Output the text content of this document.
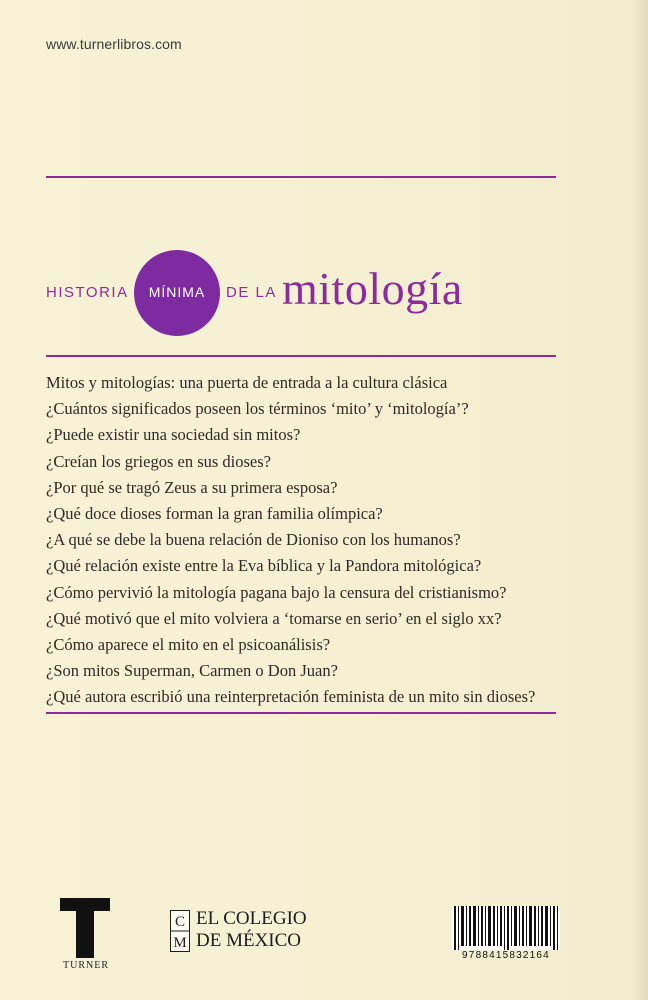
www.turnerlibros.com
HISTORIA	MÍNIMA	DE LA mitología
Mitos y mitologías: una puerta de entrada a la cultura clásica
¿Cuántos significados poseen los términos ‘mito’ y ‘mitología’?
¿Puede existir una sociedad sin mitos?
¿Creían los griegos en sus dioses?
¿Por qué se tragó Zeus a su primera esposa?
¿Qué doce dioses forman la gran familia olímpica?
¿A qué se debe la buena relación de Dioniso con los humanos?
¿Qué relación existe entre la Eva bíblica y la Pandora mitológica?
¿Cómo pervivió la mitología pagana bajo la censura del cristianismo?
¿Qué motivó que el mito volviera a ‘tomarse en serio’ en el siglo xx?
¿Cómo aparece el mito en el psicoanálisis?
¿Son mitos Superman, Carmen o Don Juan?
¿Qué autora escribió una reinterpretación feminista de un mito sin dioses?
TURNER
C
M
EL COLEGIO
DE MÉXICO
9788415832164
